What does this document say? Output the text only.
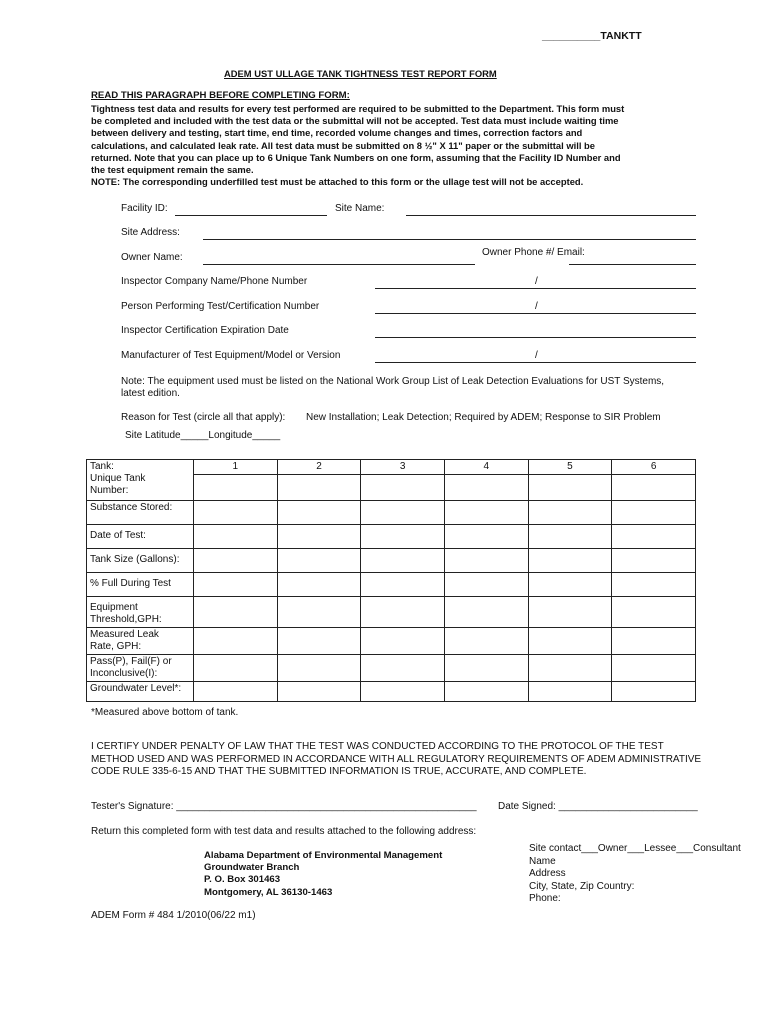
__________TANKTT
ADEM UST ULLAGE TANK TIGHTNESS TEST REPORT FORM
READ THIS PARAGRAPH BEFORE COMPLETING FORM:
Tightness test data and results for every test performed are required to be submitted to the Department. This form must
be completed and included with the test data or the submittal will not be accepted. Test data must include waiting time
between delivery and testing, start time, end time, recorded volume changes and times, correction factors and
calculations, and calculated leak rate. All test data must be submitted on 8 ½" X 11" paper or the submittal will be
returned. Note that you can place up to 6 Unique Tank Numbers on one form, assuming that the Facility ID Number and
the test equipment remain the same.
NOTE: The corresponding underfilled test must be attached to this form or the ullage test will not be accepted.
Facility ID:	Site Name:
Site Address:
Owner Phone #/ Email:
Owner Name:
Inspector Company Name/Phone Number	/
Person Performing Test/Certification Number	/
Inspector Certification Expiration Date
Manufacturer of Test Equipment/Model or Version	/
Note: The equipment used must be listed on the National Work Group List of Leak Detection Evaluations for UST Systems,
latest edition.
Reason for Test (circle all that apply): New Installation; Leak Detection; Required by ADEM; Response to SIR Problem
Site Latitude_____Longitude_____
Tank:
Unique Tank
Number:	1	2	3	4	5	6

Substance Stored:						
Date of Test:						
Tank Size (Gallons):						
% Full During Test						
Equipment
Threshold,GPH:						
Measured Leak
Rate, GPH:						
Pass(P), Fail(F) or
Inconclusive(I):						
Groundwater Level*:						
*Measured above bottom of tank.
I CERTIFY UNDER PENALTY OF LAW THAT THE TEST WAS CONDUCTED ACCORDING TO THE PROTOCOL OF THE TEST
METHOD USED AND WAS PERFORMED IN ACCORDANCE WITH ALL REGULATORY REQUIREMENTS OF ADEM ADMINISTRATIVE
CODE RULE 335-6-15 AND THAT THE SUBMITTED INFORMATION IS TRUE, ACCURATE, AND COMPLETE.
Tester's Signature: ______________________________________________________ Date Signed: _________________________
Return this completed form with test data and results attached to the following address:
Alabama Department of Environmental Management
Groundwater Branch
P. O. Box 301463
Montgomery, AL 36130-1463
Site contact___Owner___Lessee___Consultant
Name
Address
City, State, Zip Country:
Phone:
ADEM Form # 484 1/2010(06/22 m1)
